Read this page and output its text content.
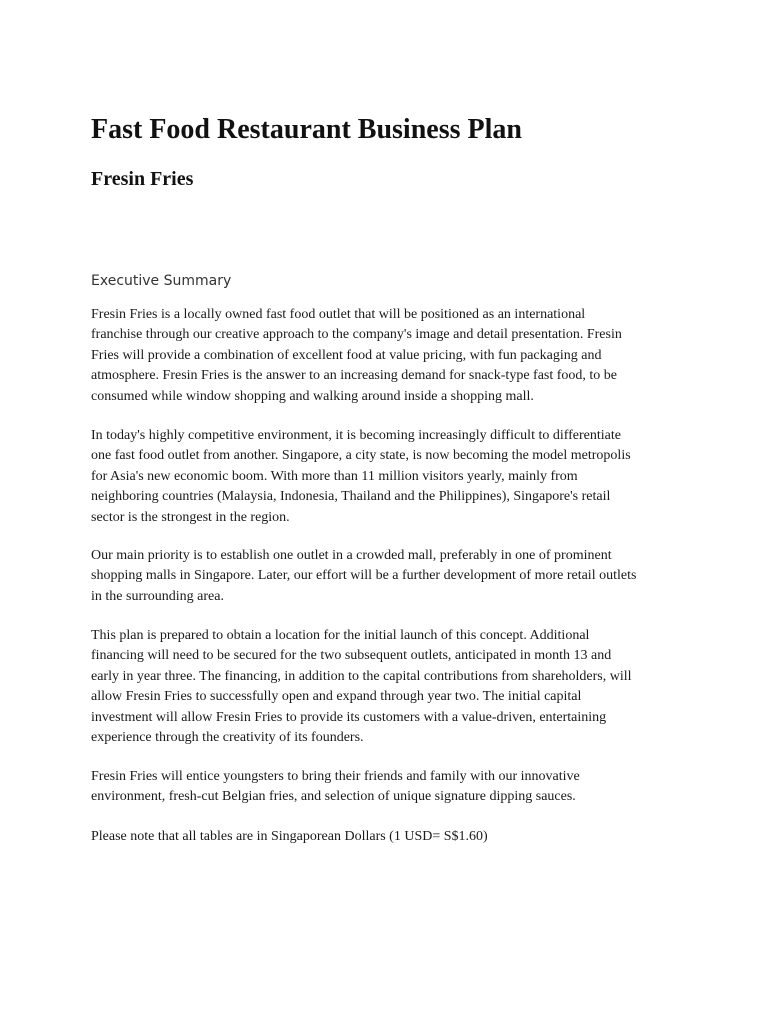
Fast Food Restaurant Business Plan
Fresin Fries
Executive Summary

Fresin Fries is a locally owned fast food outlet that will be positioned as an international
franchise through our creative approach to the company's image and detail presentation. Fresin
Fries will provide a combination of excellent food at value pricing, with fun packaging and
atmosphere. Fresin Fries is the answer to an increasing demand for snack-type fast food, to be
consumed while window shopping and walking around inside a shopping mall.

In today's highly competitive environment, it is becoming increasingly difficult to differentiate
one fast food outlet from another. Singapore, a city state, is now becoming the model metropolis
for Asia's new economic boom. With more than 11 million visitors yearly, mainly from
neighboring countries (Malaysia, Indonesia, Thailand and the Philippines), Singapore's retail
sector is the strongest in the region.

Our main priority is to establish one outlet in a crowded mall, preferably in one of prominent
shopping malls in Singapore. Later, our effort will be a further development of more retail outlets
in the surrounding area.

This plan is prepared to obtain a location for the initial launch of this concept. Additional
financing will need to be secured for the two subsequent outlets, anticipated in month 13 and
early in year three. The financing, in addition to the capital contributions from shareholders, will
allow Fresin Fries to successfully open and expand through year two. The initial capital
investment will allow Fresin Fries to provide its customers with a value-driven, entertaining
experience through the creativity of its founders.

Fresin Fries will entice youngsters to bring their friends and family with our innovative
environment, fresh-cut Belgian fries, and selection of unique signature dipping sauces.

Please note that all tables are in Singaporean Dollars (1 USD= S$1.60)
